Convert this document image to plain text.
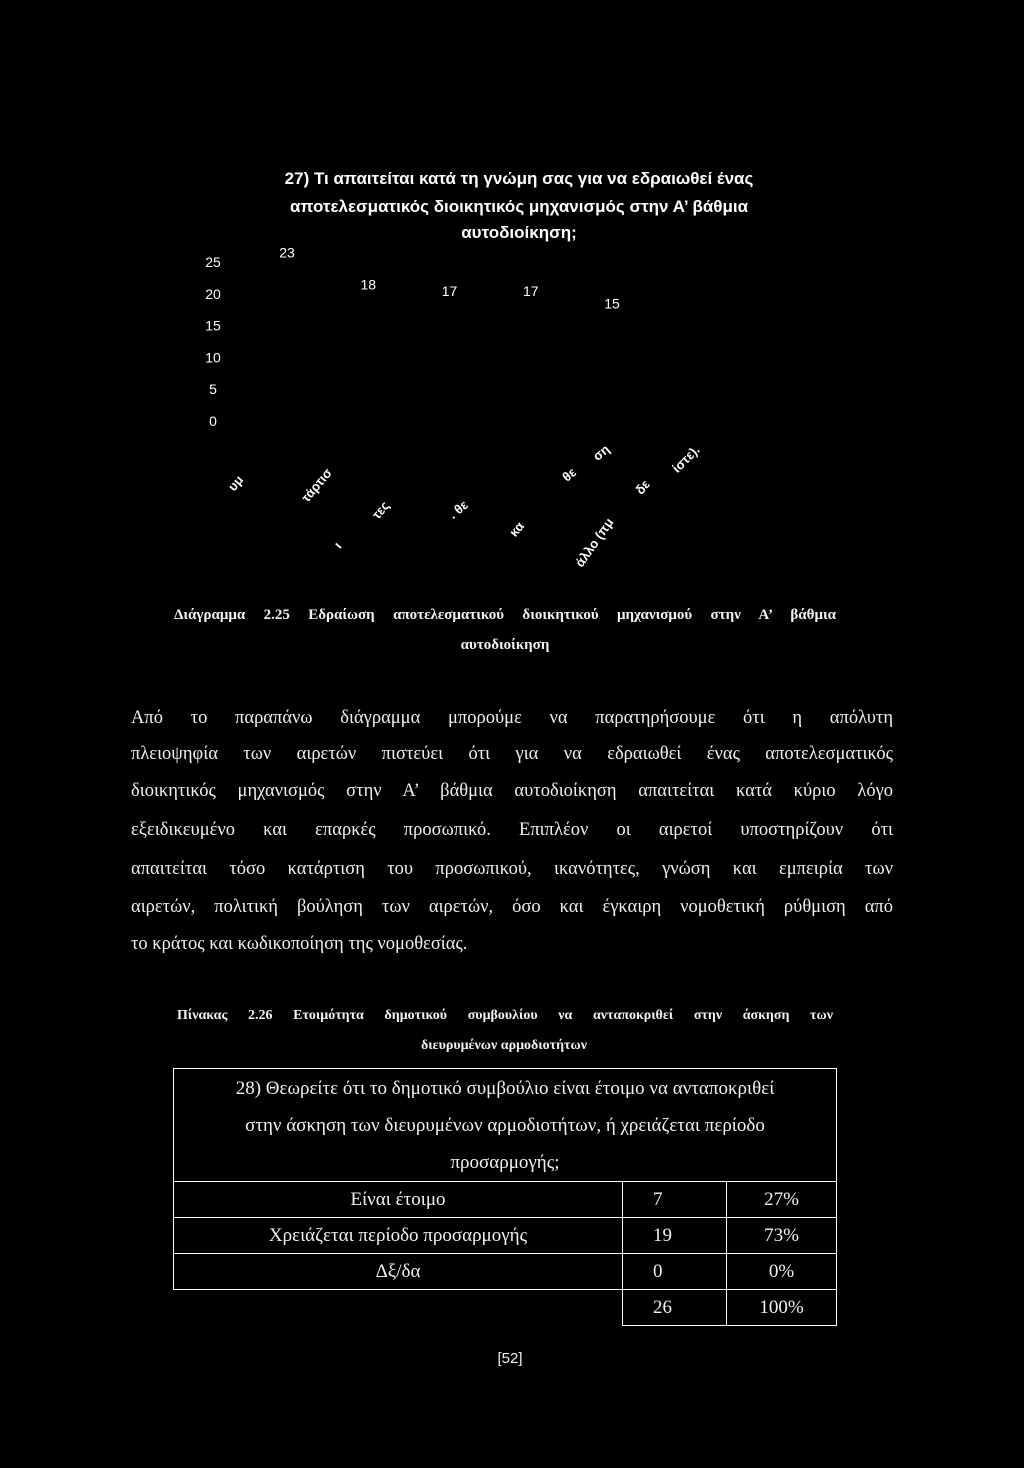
27) Τι απαιτείται κατά τη γνώμη σας για να εδραιωθεί ένας
αποτελεσματικός διοικητικός μηχανισμός στην Α’ βάθμια
αυτοδιοίκηση;
25
20
15
10
5
0
23
18	17	17
15
υμ	τάρτισ
ι
τες	. θε
κα
θε
ση
άλλο (πμ
δε
ίστε).
Διάγραμμα 2.25 Εδραίωση αποτελεσματικού διοικητικού μηχανισμού στην Α’ βάθμια
αυτοδιοίκηση
Από το παραπάνω διάγραμμα μπορούμε να παρατηρήσουμε ότι η απόλυτη
πλειοψηφία των αιρετών πιστεύει ότι για να εδραιωθεί ένας αποτελεσματικός
διοικητικός μηχανισμός στην Α’ βάθμια αυτοδιοίκηση απαιτείται κατά κύριο λόγο
εξειδικευμένο και επαρκές προσωπικό. Επιπλέον οι αιρετοί υποστηρίζουν ότι
απαιτείται τόσο κατάρτιση του προσωπικού, ικανότητες, γνώση και εμπειρία των
αιρετών, πολιτική βούληση των αιρετών, όσο και έγκαιρη νομοθετική ρύθμιση από
το κράτος και κωδικοποίηση της νομοθεσίας.
Πίνακας 2.26 Ετοιμότητα δημοτικού συμβουλίου να ανταποκριθεί στην άσκηση των
διευρυμένων αρμοδιοτήτων
28) Θεωρείτε ότι το δημοτικό συμβούλιο είναι έτοιμο να ανταποκριθεί
στην άσκηση των διευρυμένων αρμοδιοτήτων, ή χρειάζεται περίοδο
προσαρμογής;		

Είναι έτοιμο	7	27%
Χρειάζεται περίοδο προσαρμογής	19	73%
Δξ/δα	0	0%
	26	100%
[52]
